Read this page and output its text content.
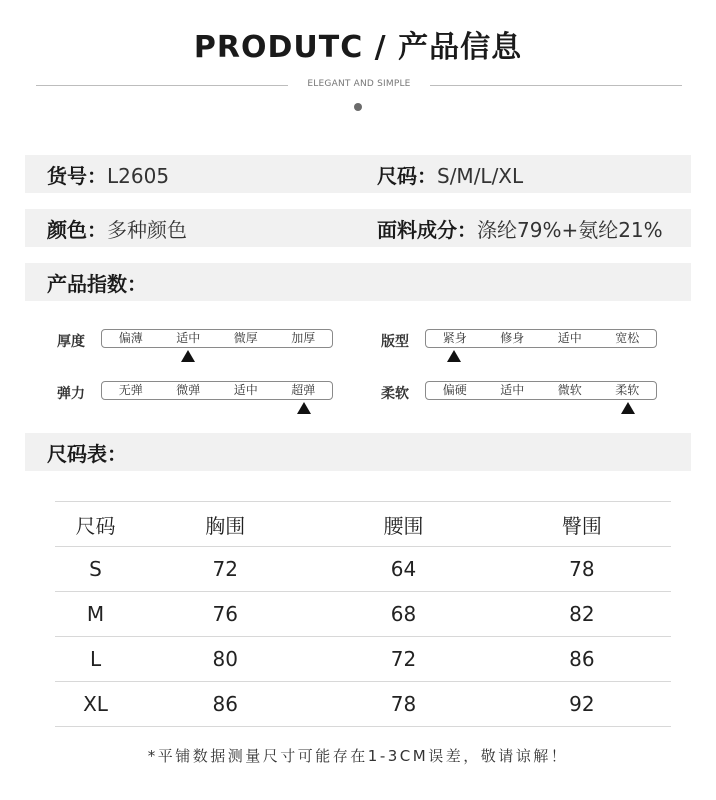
PRODUTC / 产品信息
ELEGANT AND SIMPLE
货号：L2605	尺码：S/M/L/XL
颜色：多种颜色	面料成分：涤纶79%+氨纶21%
产品指数：
厚度	偏薄	适中	微厚	加厚	版型	紧身	修身	适中	宽松
弹力	无弹	微弹	适中	超弹	柔软	偏硬	适中	微软	柔软
尺码表：
尺码	胸围	腰围	臀围
S	72	64	78
M	76	68	82
L	80	72	86
XL	86	78	92
*平铺数据测量尺寸可能存在1-3CM误差，敬请谅解！
